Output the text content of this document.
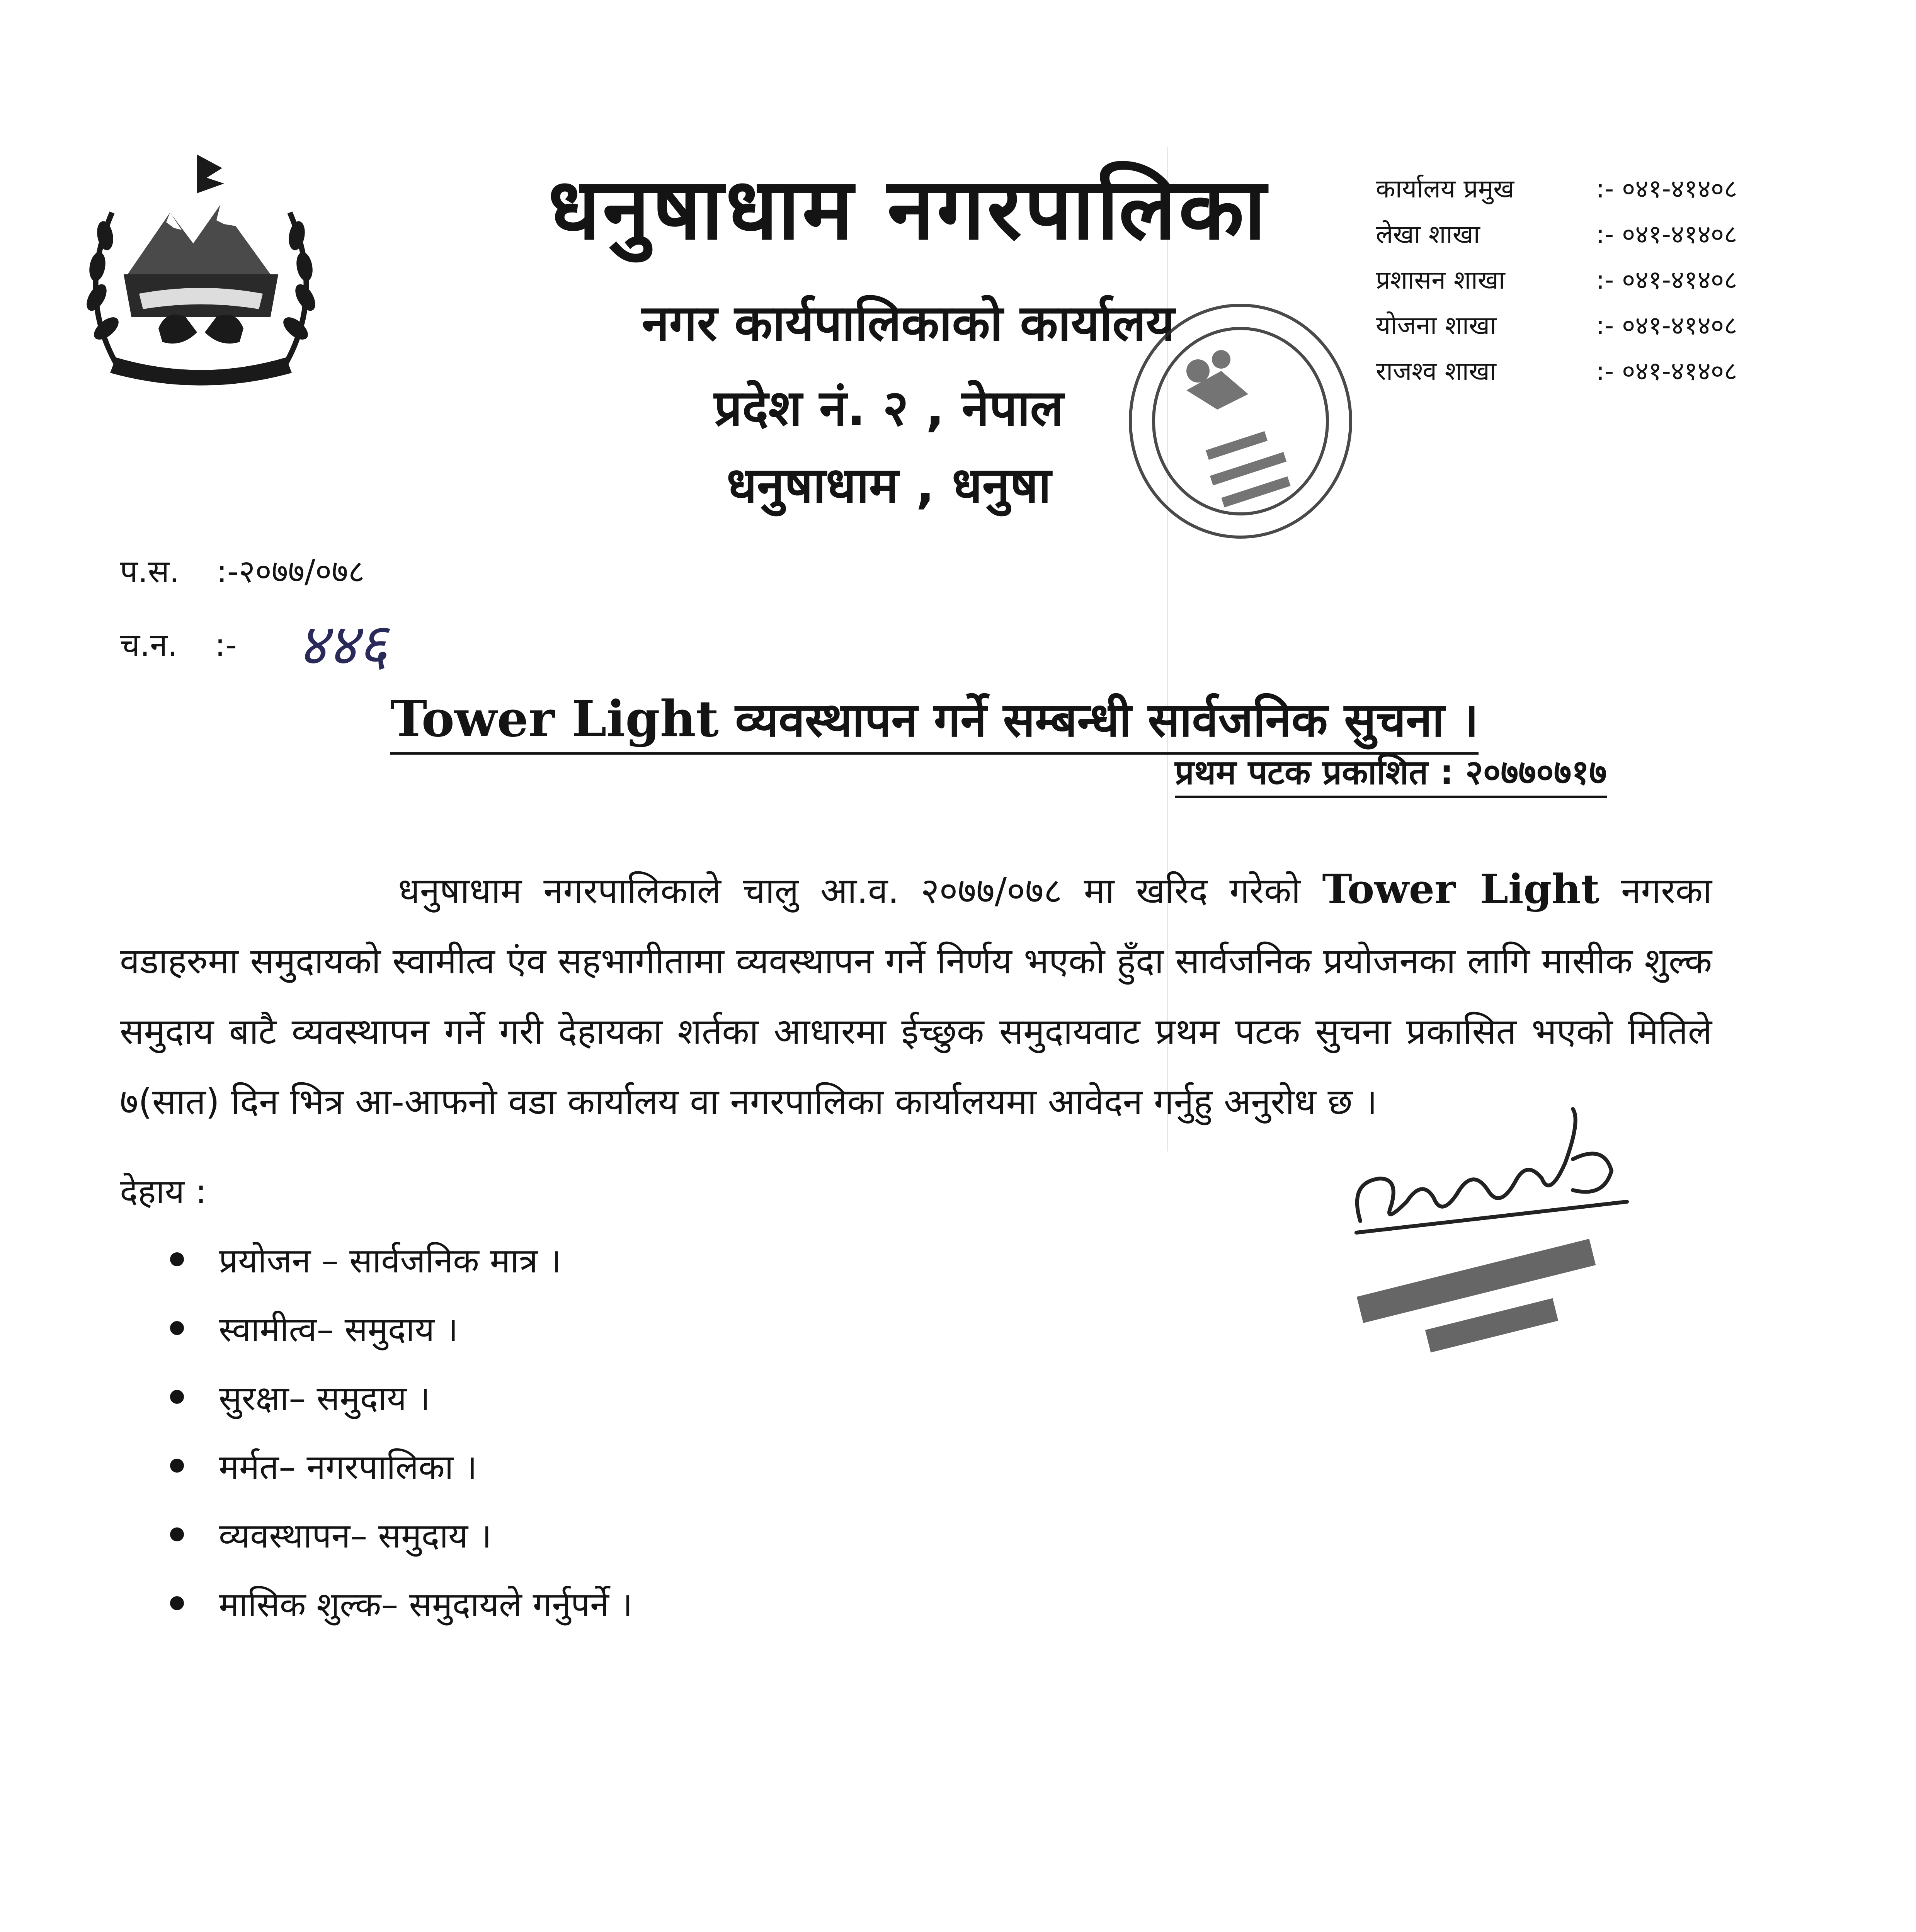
धनुषाधाम नगरपालिका
नगर कार्यपालिकाको कार्यालय
प्रदेश नं. २ , नेपाल
धनुषाधाम , धनुषा
कार्यालय प्रमुख	:- ०४१-४१४०८
लेखा शाखा	:- ०४१-४१४०८
प्रशासन शाखा	:- ०४१-४१४०८
योजना शाखा	:- ०४१-४१४०८
राजश्व शाखा	:- ०४१-४१४०८
प.स. :-२०७७/०७८
च.न. :- ४४६
Tower Light व्यवस्थापन गर्ने सम्बन्धी सार्वजनिक सुचना ।
प्रथम पटक प्रकाशित : २०७७०७१७
धनुषाधाम नगरपालिकाले चालु आ.व. २०७७/०७८ मा खरिद गरेको Tower Light नगरका वडाहरुमा समुदायको स्वामीत्व एंव सहभागीतामा व्यवस्थापन गर्ने निर्णय भएको हुँदा सार्वजनिक प्रयोजनका लागि मासीक शुल्क समुदाय बाटै व्यवस्थापन गर्ने गरी देहायका शर्तका आधारमा ईच्छुक समुदायवाट प्रथम पटक सुचना प्रकासित भएको मितिले ७(सात) दिन भित्र आ-आफनो वडा कार्यालय वा नगरपालिका कार्यालयमा आवेदन गर्नुहु अनुरोध छ ।
देहाय :
प्रयोजन – सार्वजनिक मात्र ।
स्वामीत्व– समुदाय ।
सुरक्षा– समुदाय ।
मर्मत– नगरपालिका ।
व्यवस्थापन– समुदाय ।
मासिक शुल्क– समुदायले गर्नुपर्ने ।
